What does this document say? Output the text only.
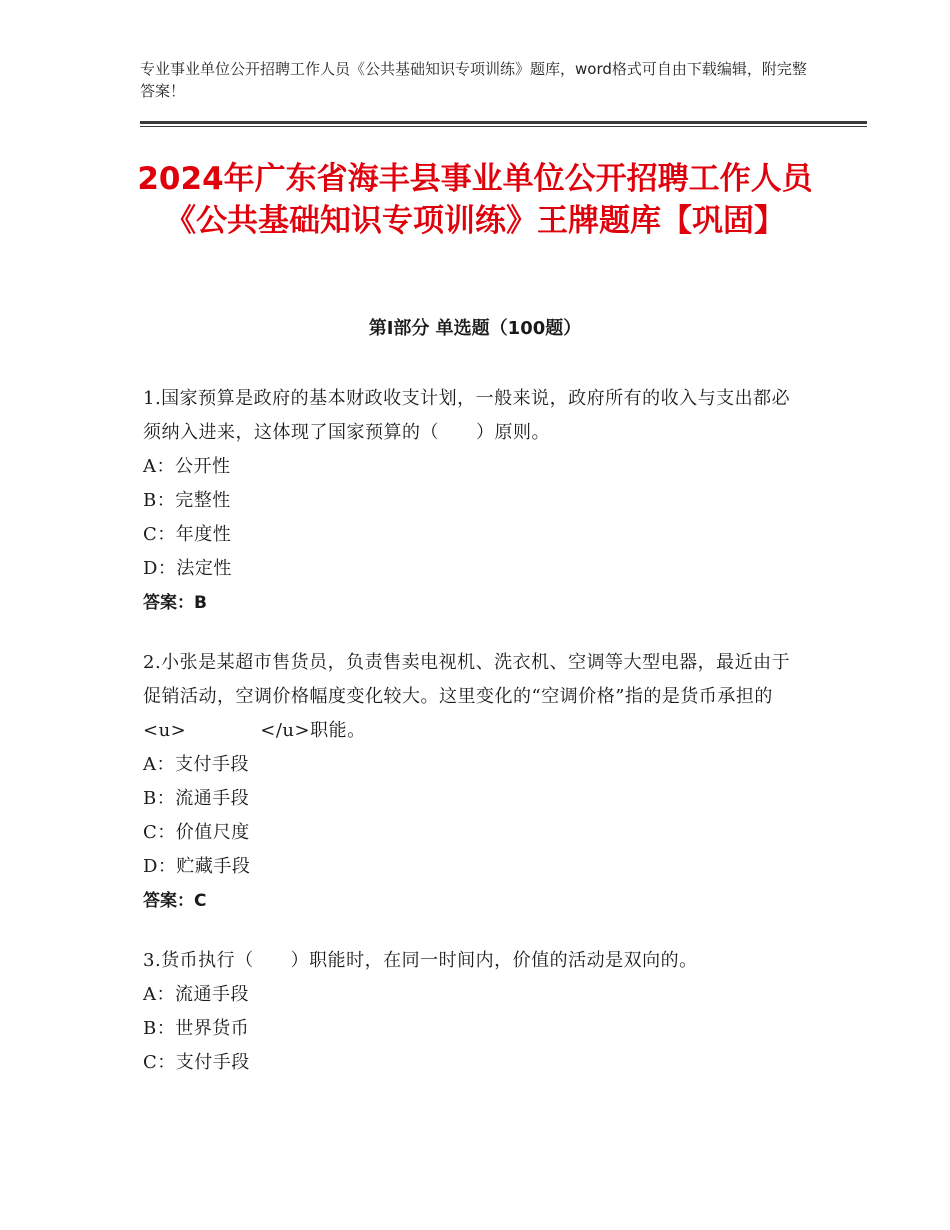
专业事业单位公开招聘工作人员《公共基础知识专项训练》题库，word格式可自由下载编辑，附完整答案！
2024年广东省海丰县事业单位公开招聘工作人员《公共基础知识专项训练》王牌题库【巩固】
第Ⅰ部分 单选题（100题）
1.国家预算是政府的基本财政收支计划，一般来说，政府所有的收入与支出都必须纳入进来，这体现了国家预算的（　　）原则。
A：公开性
B：完整性
C：年度性
D：法定性
答案：B
2.小张是某超市售货员，负责售卖电视机、洗衣机、空调等大型电器，最近由于促销活动，空调价格幅度变化较大。这里变化的“空调价格”指的是货币承担的<u>　　　　</u>职能。
A：支付手段
B：流通手段
C：价值尺度
D：贮藏手段
答案：C
3.货币执行（　　）职能时，在同一时间内，价值的活动是双向的。
A：流通手段
B：世界货币
C：支付手段
